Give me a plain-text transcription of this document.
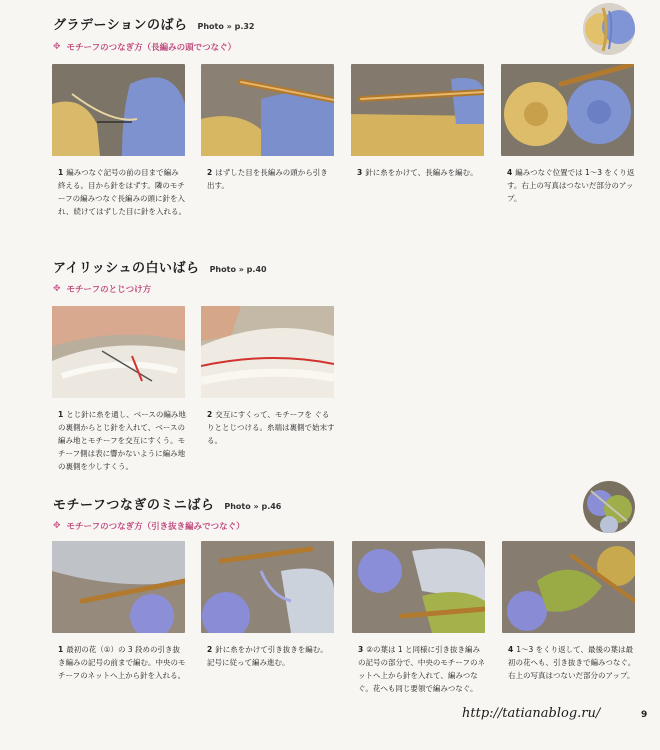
グラデーションのばら Photo » p.32
✥ モチーフのつなぎ方（長編みの頭でつなぐ）
1 編みつなぐ記号の前の目まで編み終える。目から針をはずす。隣のモチーフの編みつなぐ長編みの頭に針を入れ、続けてはずした目に針を入れる。
2 はずした目を長編みの頭から引き出す。
3 針に糸をかけて、長編みを編む。	4 編みつなぐ位置では 1〜3 をくり返す。右上の写真はつないだ部分のアップ。
アイリッシュの白いばら Photo » p.40
✥ モチーフのとじつけ方
1 とじ針に糸を通し、ベースの編み地の裏側からとじ針を入れて、ベースの編み地とモチーフを交互にすくう。モチーフ側は表に響かないように編み地の裏側を少しすくう。
2 交互にすくって、モチーフを ぐるりととじつける。糸端は裏側で始末する。
モチーフつなぎのミニばら Photo » p.46
✥ モチーフのつなぎ方（引き抜き編みでつなぐ）
1 最初の花（①）の 3 段めの引き抜き編みの記号の前まで編む。中央のモチーフのネットへ上から針を入れる。
2 針に糸をかけて引き抜きを編む。記号に従って編み進む。
3 ②の葉は 1 と同様に引き抜き編みの記号の部分で、中央のモチーフのネットへ上から針を入れて、編みつなぐ。花へも同じ要領で編みつなぐ。
4 1〜3 をくり返して、最後の葉は最初の花へも、引き抜きで編みつなぐ。右上の写真はつないだ部分のアップ。
http://tatianablog.ru/	9
